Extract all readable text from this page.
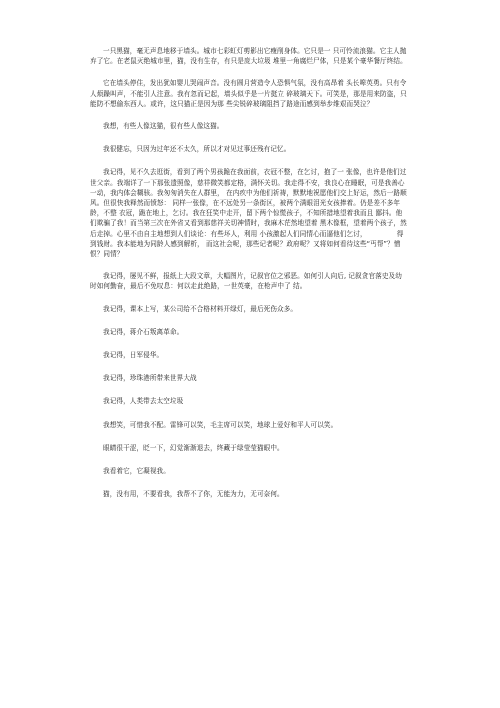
一只黑猫，毫无声息地移于墙头。城市七彩虹灯剪影出它瘦削身体。它只是一 只可怜流浪猫。它主人抛弃了它。在老鼠灭绝城市里，猫，没有生存，有只是庞大垃圾 堆里一角腐烂尸体，只是某个豪华餐厅终结。

它在墙头停住，发出犹如婴儿哭闹声音。没有圆月营造令人恐惧气氛，没有高昂着 头长嗥英勇。只有令人烦躁叫声，不能引人注意。我有忽而记起，墙头似乎是一片挺立 碎玻璃天下。可笑是，那是用来防盗，只能防不想偷东西人。或许，这只猫正是因为那 些尖锐碎玻璃阻挡了路途而感到举步维艰而哭泣？

我想，有些人像这猫，很有些人像这猫。

我很健忘，只因为过年还不太久，所以才对见过事还残有记忆。

我记得，见不久去逛街，看到了两个男孩跪在我面前，衣冠不整，在乞讨，抱了一 张像，也许是他们过世父亲。我端详了一下那张遗照像，慈祥微笑都定格，满怀关切。我走得不安，我良心在睡眠，可是我善心一动，我内体会糊骇。我匆匆消失在人群里， 在内疚中为他们祈祷，默默地祝愿他们交上好运，然后一路顺风。但很快我释然而愤怒： 同样一张像，在不远处另一条街区，被两个满眼泪光女孩捧着。仍是差不多年龄，不整 衣冠，跪在地上，乞讨。我在狂笑中走开，留下两个惊慌孩子，不知所措地望着我而且 鄙抖。他们欺骗了我！而当第三次在外省又看到那慈祥关切神情时，我麻木茫然地望着 黑木像框，望着两个孩子，然后走掉。心里不由自主地想到人们谈论：有些坏人，利用 小孩激起人们同情心而逼他们乞讨，　　　　　得到钱财。我本能地为同龄人感到解析， 而这社会呢，那些记者呢？政府呢？又将如何看待这些“丐帮”？憎恨？同情？

我记得，屡见不鲜，报纸上大段文章，大幅图片，记叙官位之邪恶。如何引人向后, 记叙贪官落史及幼时如何勤奋，最后不免叹息：何以走此绝路，一世英豪，在枪声中了 结。

我记得，课本上写，某公司给不合格材料开绿灯，最后死伤众多。

我记得，蒋介石叛离革命。

我记得，日军侵华。

我记得，珍珠港所带来世界大战

我记得，人类带去太空垃圾

我想笑，可惜我不配。雷锋可以笑，毛主席可以笑，地球上爱好和平人可以笑。

眼睛很干涩，眨一下，幻觉渐渐退去，终藏于绿莹莹猫眼中。

我看着它，它凝视我。

猫，没有用，不要看我，我帮不了你，无能为力，无可奈何。
